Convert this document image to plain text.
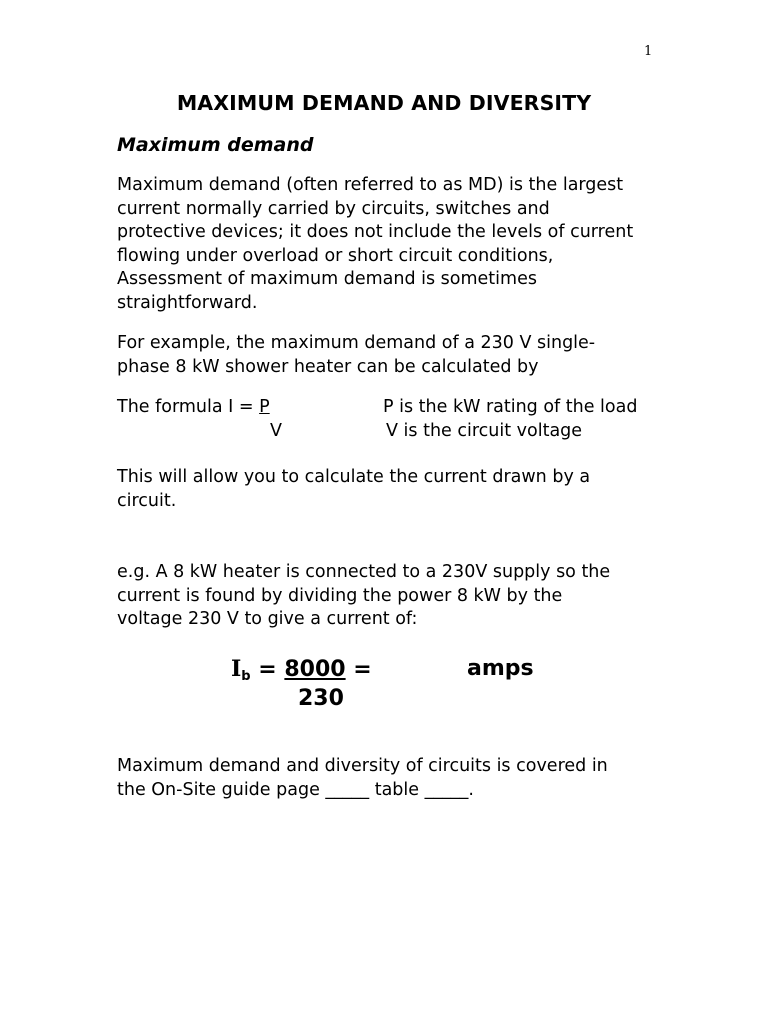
1
MAXIMUM DEMAND AND DIVERSITY
Maximum demand

Maximum demand (often referred to as MD) is the largest
current normally carried by circuits, switches and
protective devices; it does not include the levels of current
flowing under overload or short circuit conditions,
Assessment of maximum demand is sometimes
straightforward.

For example, the maximum demand of a 230 V single-
phase 8 kW shower heater can be calculated by

The formula I = P	P is the kW rating of the load
V	V is the circuit voltage

This will allow you to calculate the current drawn by a
circuit.

e.g. A 8 kW heater is connected to a 230V supply so the
current is found by dividing the power 8 kW by the
voltage 230 V to give a current of:

$I_b = 8000$ =	amps
230

Maximum demand and diversity of circuits is covered in
the On-Site guide page _____ table _____.
